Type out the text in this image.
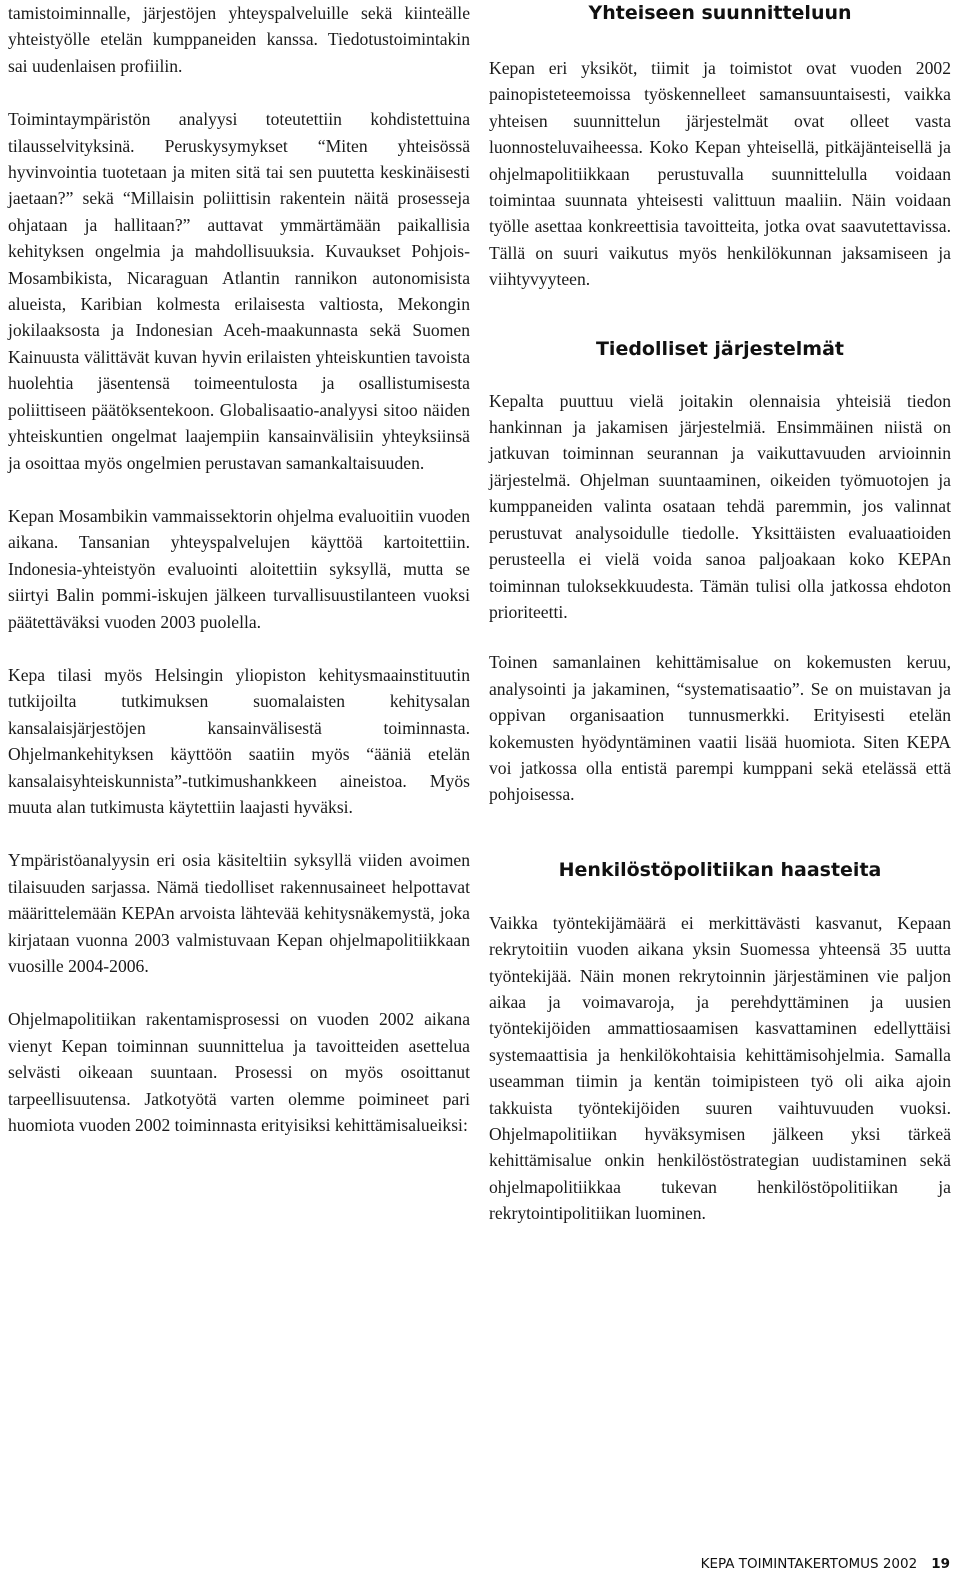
tamistoiminnalle, järjestöjen yhteyspalveluille sekä kiinteälle yhteistyölle etelän kumppaneiden kanssa. Tiedotustoimintakin sai uudenlaisen profiilin.

Toimintaympäristön analyysi toteutettiin kohdistettuina tilausselvityksinä. Peruskysymykset “Miten yhteisössä hyvinvointia tuotetaan ja miten sitä tai sen puutetta keskinäisesti jaetaan?” sekä “Millaisin poliittisin rakentein näitä prosesseja ohjataan ja hallitaan?” auttavat ymmärtämään paikallisia kehityksen ongelmia ja mahdollisuuksia. Kuvaukset Pohjois-Mosambikista, Nicaraguan Atlantin rannikon autonomisista alueista, Karibian kolmesta erilaisesta valtiosta, Mekongin jokilaaksosta ja Indonesian Aceh-maakunnasta sekä Suomen Kainuusta välittävät kuvan hyvin erilaisten yhteiskuntien tavoista huolehtia jäsentensä toimeentulosta ja osallistumisesta poliittiseen päätöksentekoon. Globalisaatio-analyysi sitoo näiden yhteiskuntien ongelmat laajempiin kansainvälisiin yhteyksiinsä ja osoittaa myös ongelmien perustavan samankaltaisuuden.

Kepan Mosambikin vammaissektorin ohjelma evaluoitiin vuoden aikana. Tansanian yhteyspalvelujen käyttöä kartoitettiin. Indonesia-yhteistyön evaluointi aloitettiin syksyllä, mutta se siirtyi Balin pommi-iskujen jälkeen turvallisuustilanteen vuoksi päätettäväksi vuoden 2003 puolella.

Kepa tilasi myös Helsingin yliopiston kehitysmaainstituutin tutkijoilta tutkimuksen suomalaisten kehitysalan kansalaisjärjestöjen kansainvälisestä toiminnasta. Ohjelmankehityksen käyttöön saatiin myös “ääniä etelän kansalaisyhteiskunnista”-tutkimushankkeen aineistoa. Myös muuta alan tutkimusta käytettiin laajasti hyväksi.

Ympäristöanalyysin eri osia käsiteltiin syksyllä viiden avoimen tilaisuuden sarjassa. Nämä tiedolliset rakennusaineet helpottavat määrittelemään KEPAn arvoista lähtevää kehitysnäkemystä, joka kirjataan vuonna 2003 valmistuvaan Kepan ohjelmapolitiikkaan vuosille 2004-2006.

Ohjelmapolitiikan rakentamisprosessi on vuoden 2002 aikana vienyt Kepan toiminnan suunnittelua ja tavoitteiden asettelua selvästi oikeaan suuntaan. Prosessi on myös osoittanut tarpeellisuutensa. Jatkotyötä varten olemme poimineet pari huomiota vuoden 2002 toiminnasta erityisiksi kehittämisalueiksi:

Yhteiseen suunnitteluun

Kepan eri yksiköt, tiimit ja toimistot ovat vuoden 2002 painopisteteemoissa työskennelleet samansuuntaisesti, vaikka yhteisen suunnittelun järjestelmät ovat olleet vasta luonnosteluvaiheessa. Koko Kepan yhteisellä, pitkäjänteisellä ja ohjelmapolitiikkaan perustuvalla suunnittelulla voidaan toimintaa suunnata yhteisesti valittuun maaliin. Näin voidaan työlle asettaa konkreettisia tavoitteita, jotka ovat saavutettavissa. Tällä on suuri vaikutus myös henkilökunnan jaksamiseen ja viihtyvyyteen.

Tiedolliset järjestelmät

Kepalta puuttuu vielä joitakin olennaisia yhteisiä tiedon hankinnan ja jakamisen järjestelmiä. Ensimmäinen niistä on jatkuvan toiminnan seurannan ja vaikuttavuuden arvioinnin järjestelmä. Ohjelman suuntaaminen, oikeiden työmuotojen ja kumppaneiden valinta osataan tehdä paremmin, jos valinnat perustuvat analysoidulle tiedolle. Yksittäisten evaluaatioiden perusteella ei vielä voida sanoa paljoakaan koko KEPAn toiminnan tuloksekkuudesta. Tämän tulisi olla jatkossa ehdoton prioriteetti.

Toinen samanlainen kehittämisalue on kokemusten keruu, analysointi ja jakaminen, “systematisaatio”. Se on muistavan ja oppivan organisaation tunnusmerkki. Erityisesti etelän kokemusten hyödyntäminen vaatii lisää huomiota. Siten KEPA voi jatkossa olla entistä parempi kumppani sekä etelässä että pohjoisessa.

Henkilöstöpolitiikan haasteita

Vaikka työntekijämäärä ei merkittävästi kasvanut, Kepaan rekrytoitiin vuoden aikana yksin Suomessa yhteensä 35 uutta työntekijää. Näin monen rekrytoinnin järjestäminen vie paljon aikaa ja voimavaroja, ja perehdyttäminen ja uusien työntekijöiden ammattiosaamisen kasvattaminen edellyttäisi systemaattisia ja henkilökohtaisia kehittämisohjelmia. Samalla useamman tiimin ja kentän toimipisteen työ oli aika ajoin takkuista työntekijöiden suuren vaihtuvuuden vuoksi. Ohjelmapolitiikan hyväksymisen jälkeen yksi tärkeä kehittämisalue onkin henkilöstöstrategian uudistaminen sekä ohjelmapolitiikkaa tukevan henkilöstöpolitiikan ja rekrytointipolitiikan luominen.

KEPA TOIMINTAKERTOMUS 2002 19
